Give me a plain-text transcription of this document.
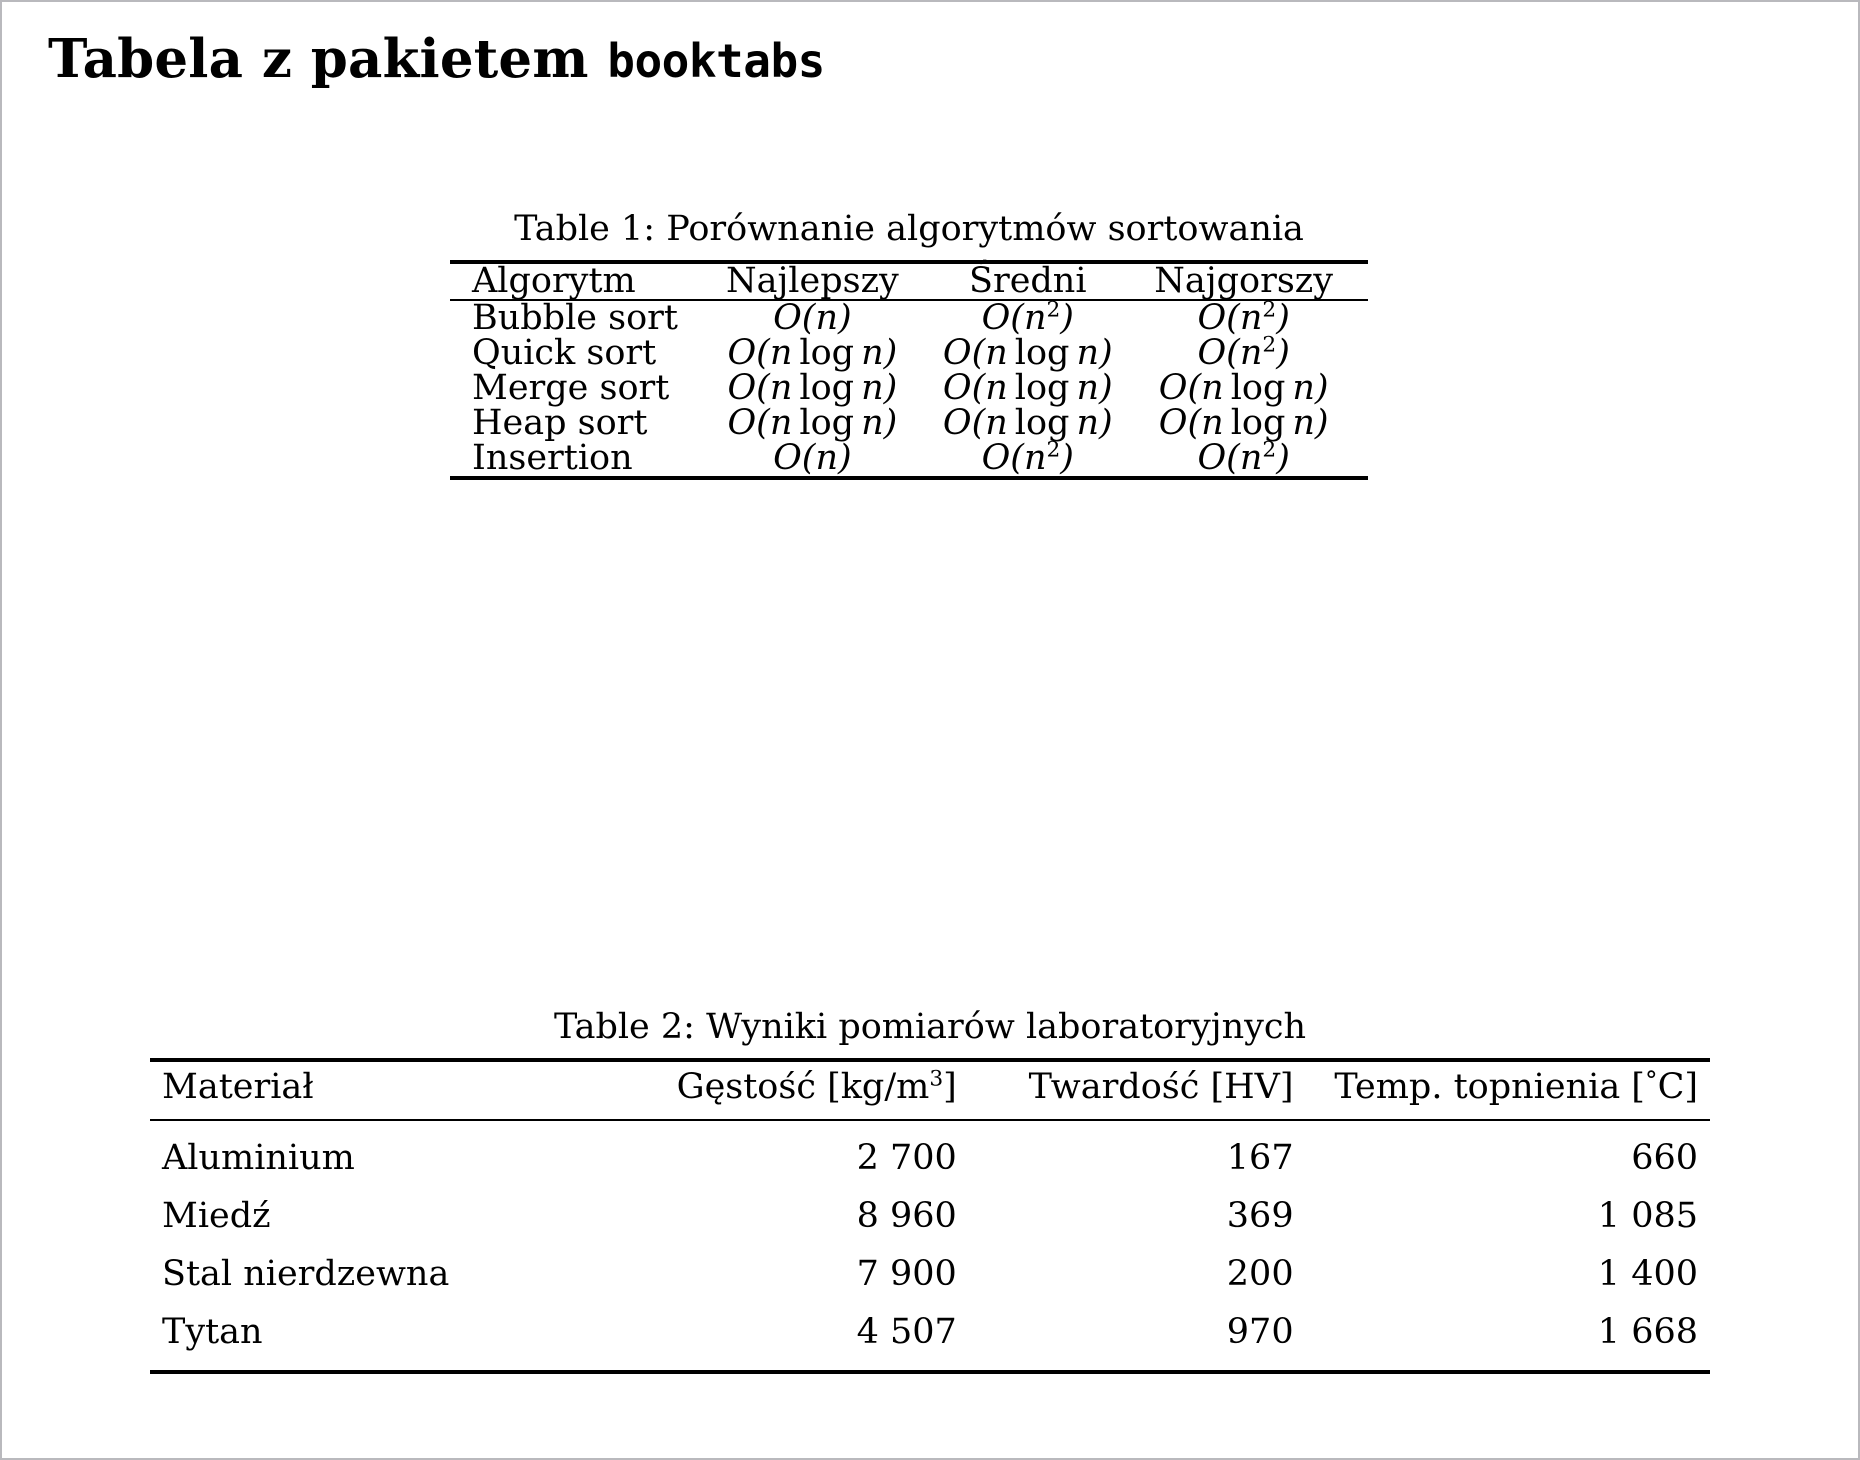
Tabela z pakietem booktabs
Table 1: Porównanie algorytmów sortowania

Algorytm	Najlepszy	Średni	Najgorszy

Bubble sort	O(n)	$O(n^2)$	$O(n^2)$
Quick sort	O(n  log  n)	O(n  log  n)	$O(n^2)$
Merge sort	O(n  log  n)	O(n  log  n)	O(n  log  n)
Heap sort	O(n  log  n)	O(n  log  n)	O(n  log  n)
Insertion	O(n)	$O(n^2)$	$O(n^2)$

Table 2: Wyniki pomiarów laboratoryjnych

Materiał	Gęstość $[kg/m^3]$	Twardość [HV]	Temp. topnienia [°C]

Aluminium	2 700	167	660
Miedź	8 960	369	1 085
Stal nierdzewna	7 900	200	1 400
Tytan	4 507	970	1 668
